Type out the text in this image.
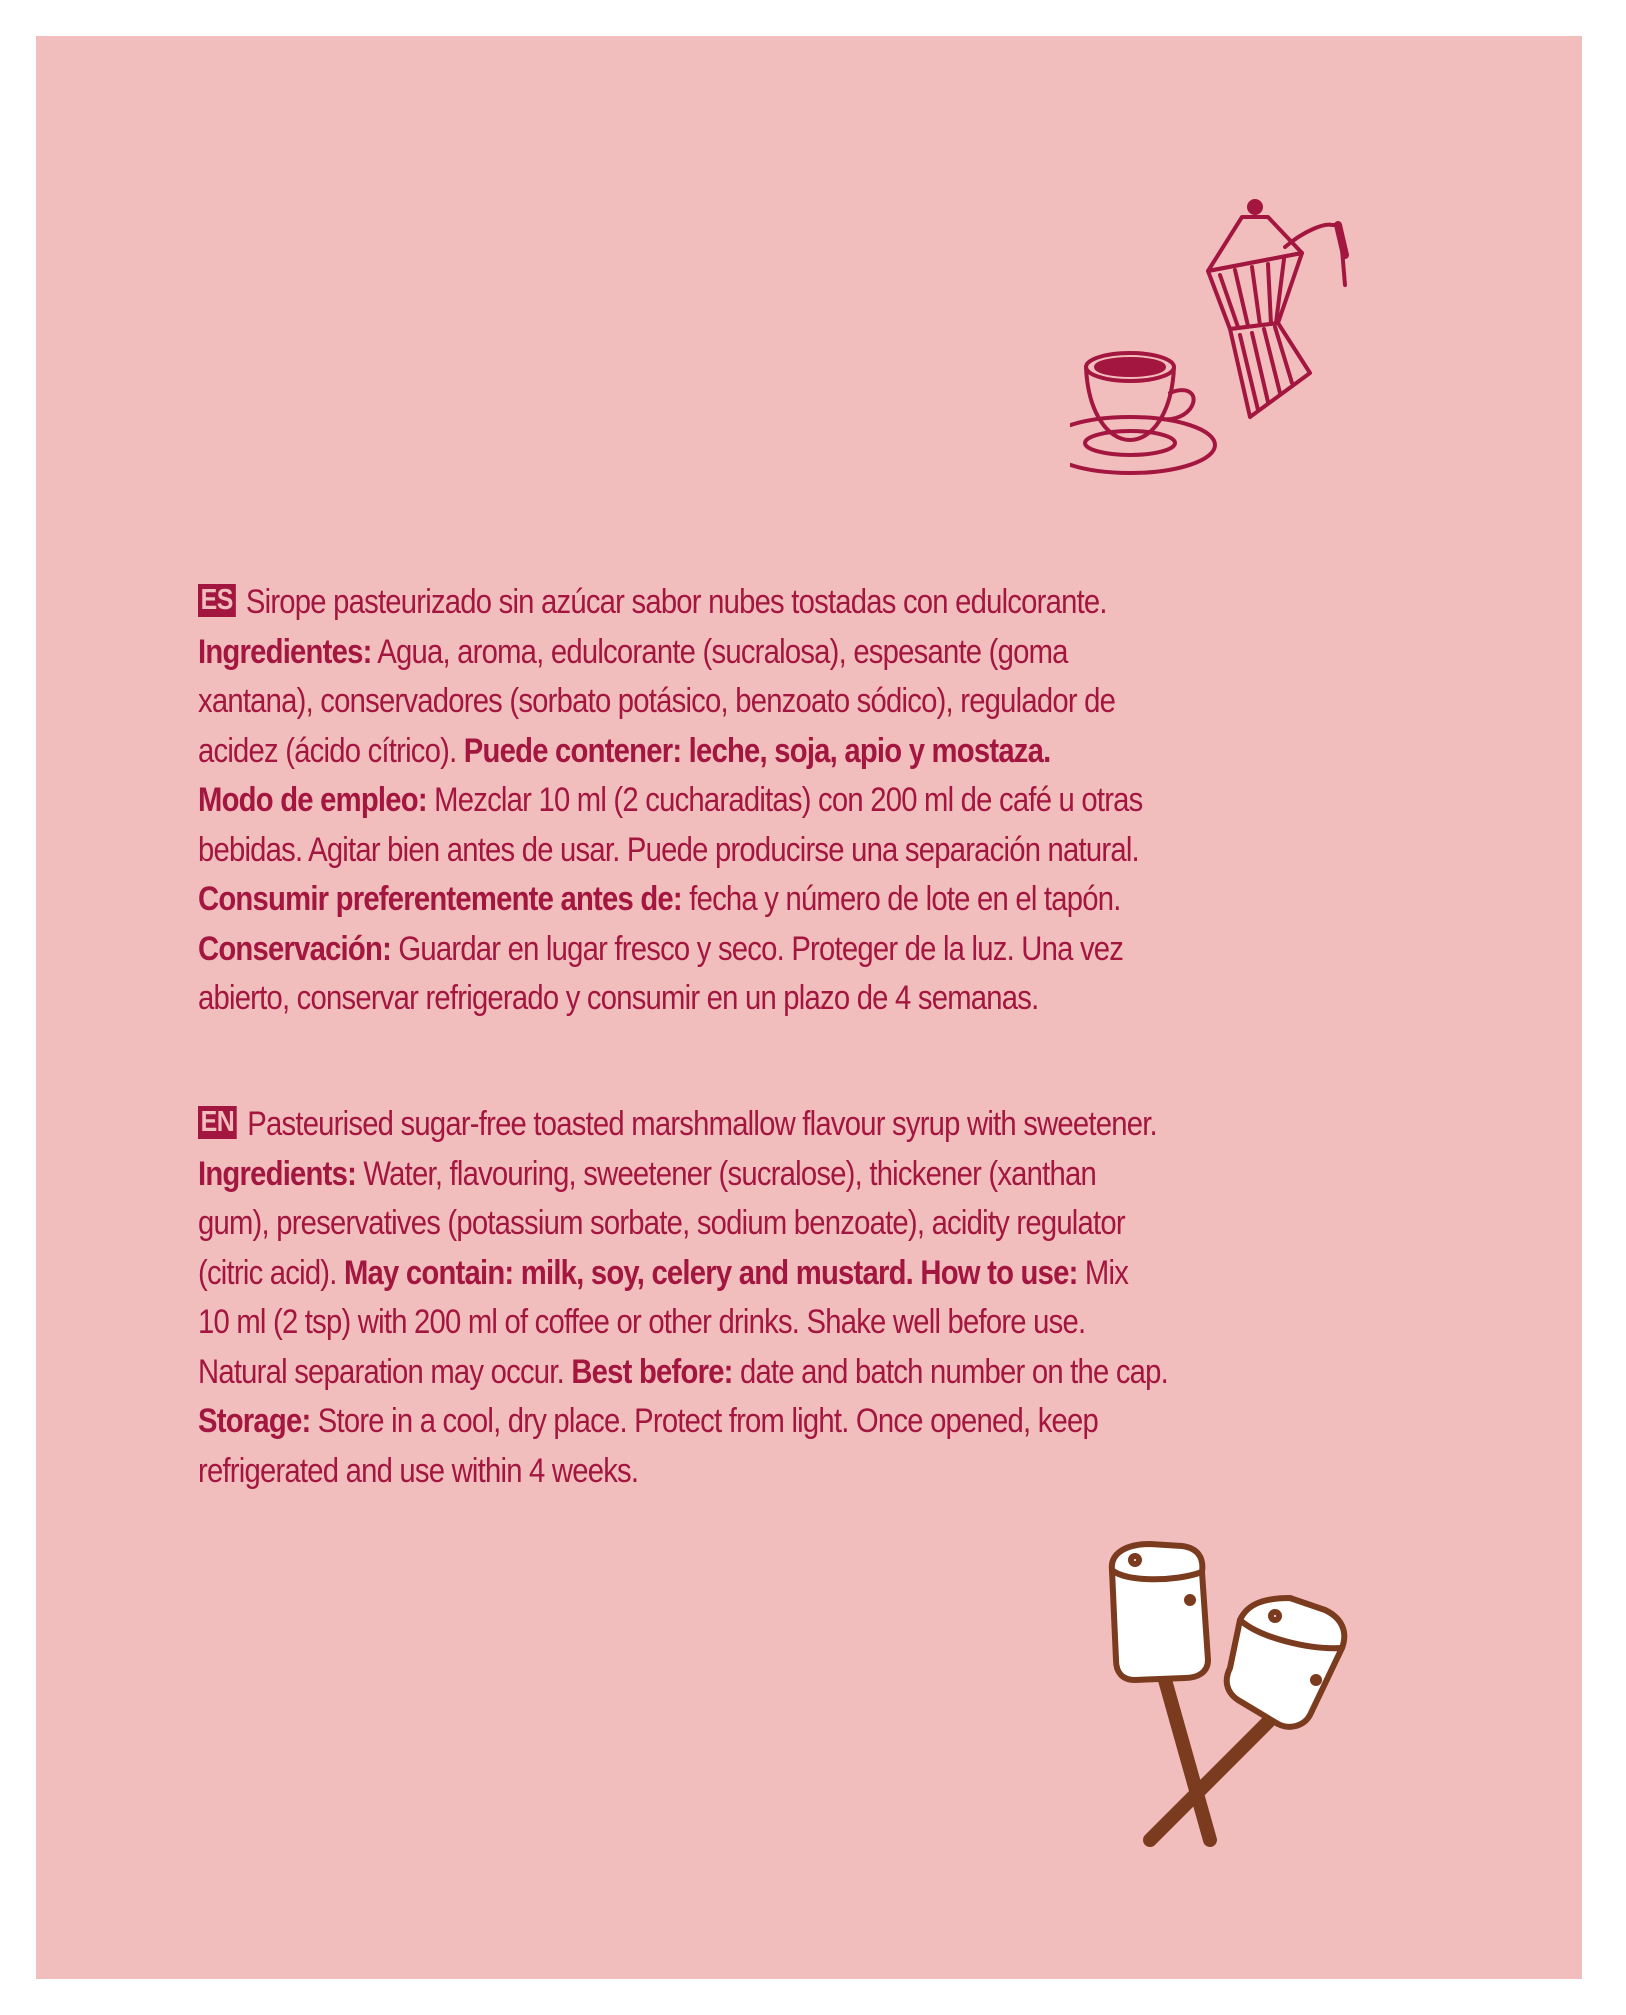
ES Sirope pasteurizado sin azúcar sabor nubes tostadas con edulcorante.
Ingredientes: Agua, aroma, edulcorante (sucralosa), espesante (goma
xantana), conservadores (sorbato potásico, benzoato sódico), regulador de
acidez (ácido cítrico). Puede contener: leche, soja, apio y mostaza.
Modo de empleo: Mezclar 10 ml (2 cucharaditas) con 200 ml de café u otras
bebidas. Agitar bien antes de usar. Puede producirse una separación natural.
Consumir preferentemente antes de: fecha y número de lote en el tapón.
Conservación: Guardar en lugar fresco y seco. Proteger de la luz. Una vez
abierto, conservar refrigerado y consumir en un plazo de 4 semanas.
EN Pasteurised sugar-free toasted marshmallow flavour syrup with sweetener.
Ingredients: Water, flavouring, sweetener (sucralose), thickener (xanthan
gum), preservatives (potassium sorbate, sodium benzoate), acidity regulator
(citric acid). May contain: milk, soy, celery and mustard. How to use: Mix
10 ml (2 tsp) with 200 ml of coffee or other drinks. Shake well before use.
Natural separation may occur. Best before: date and batch number on the cap.
Storage: Store in a cool, dry place. Protect from light. Once opened, keep
refrigerated and use within 4 weeks.
